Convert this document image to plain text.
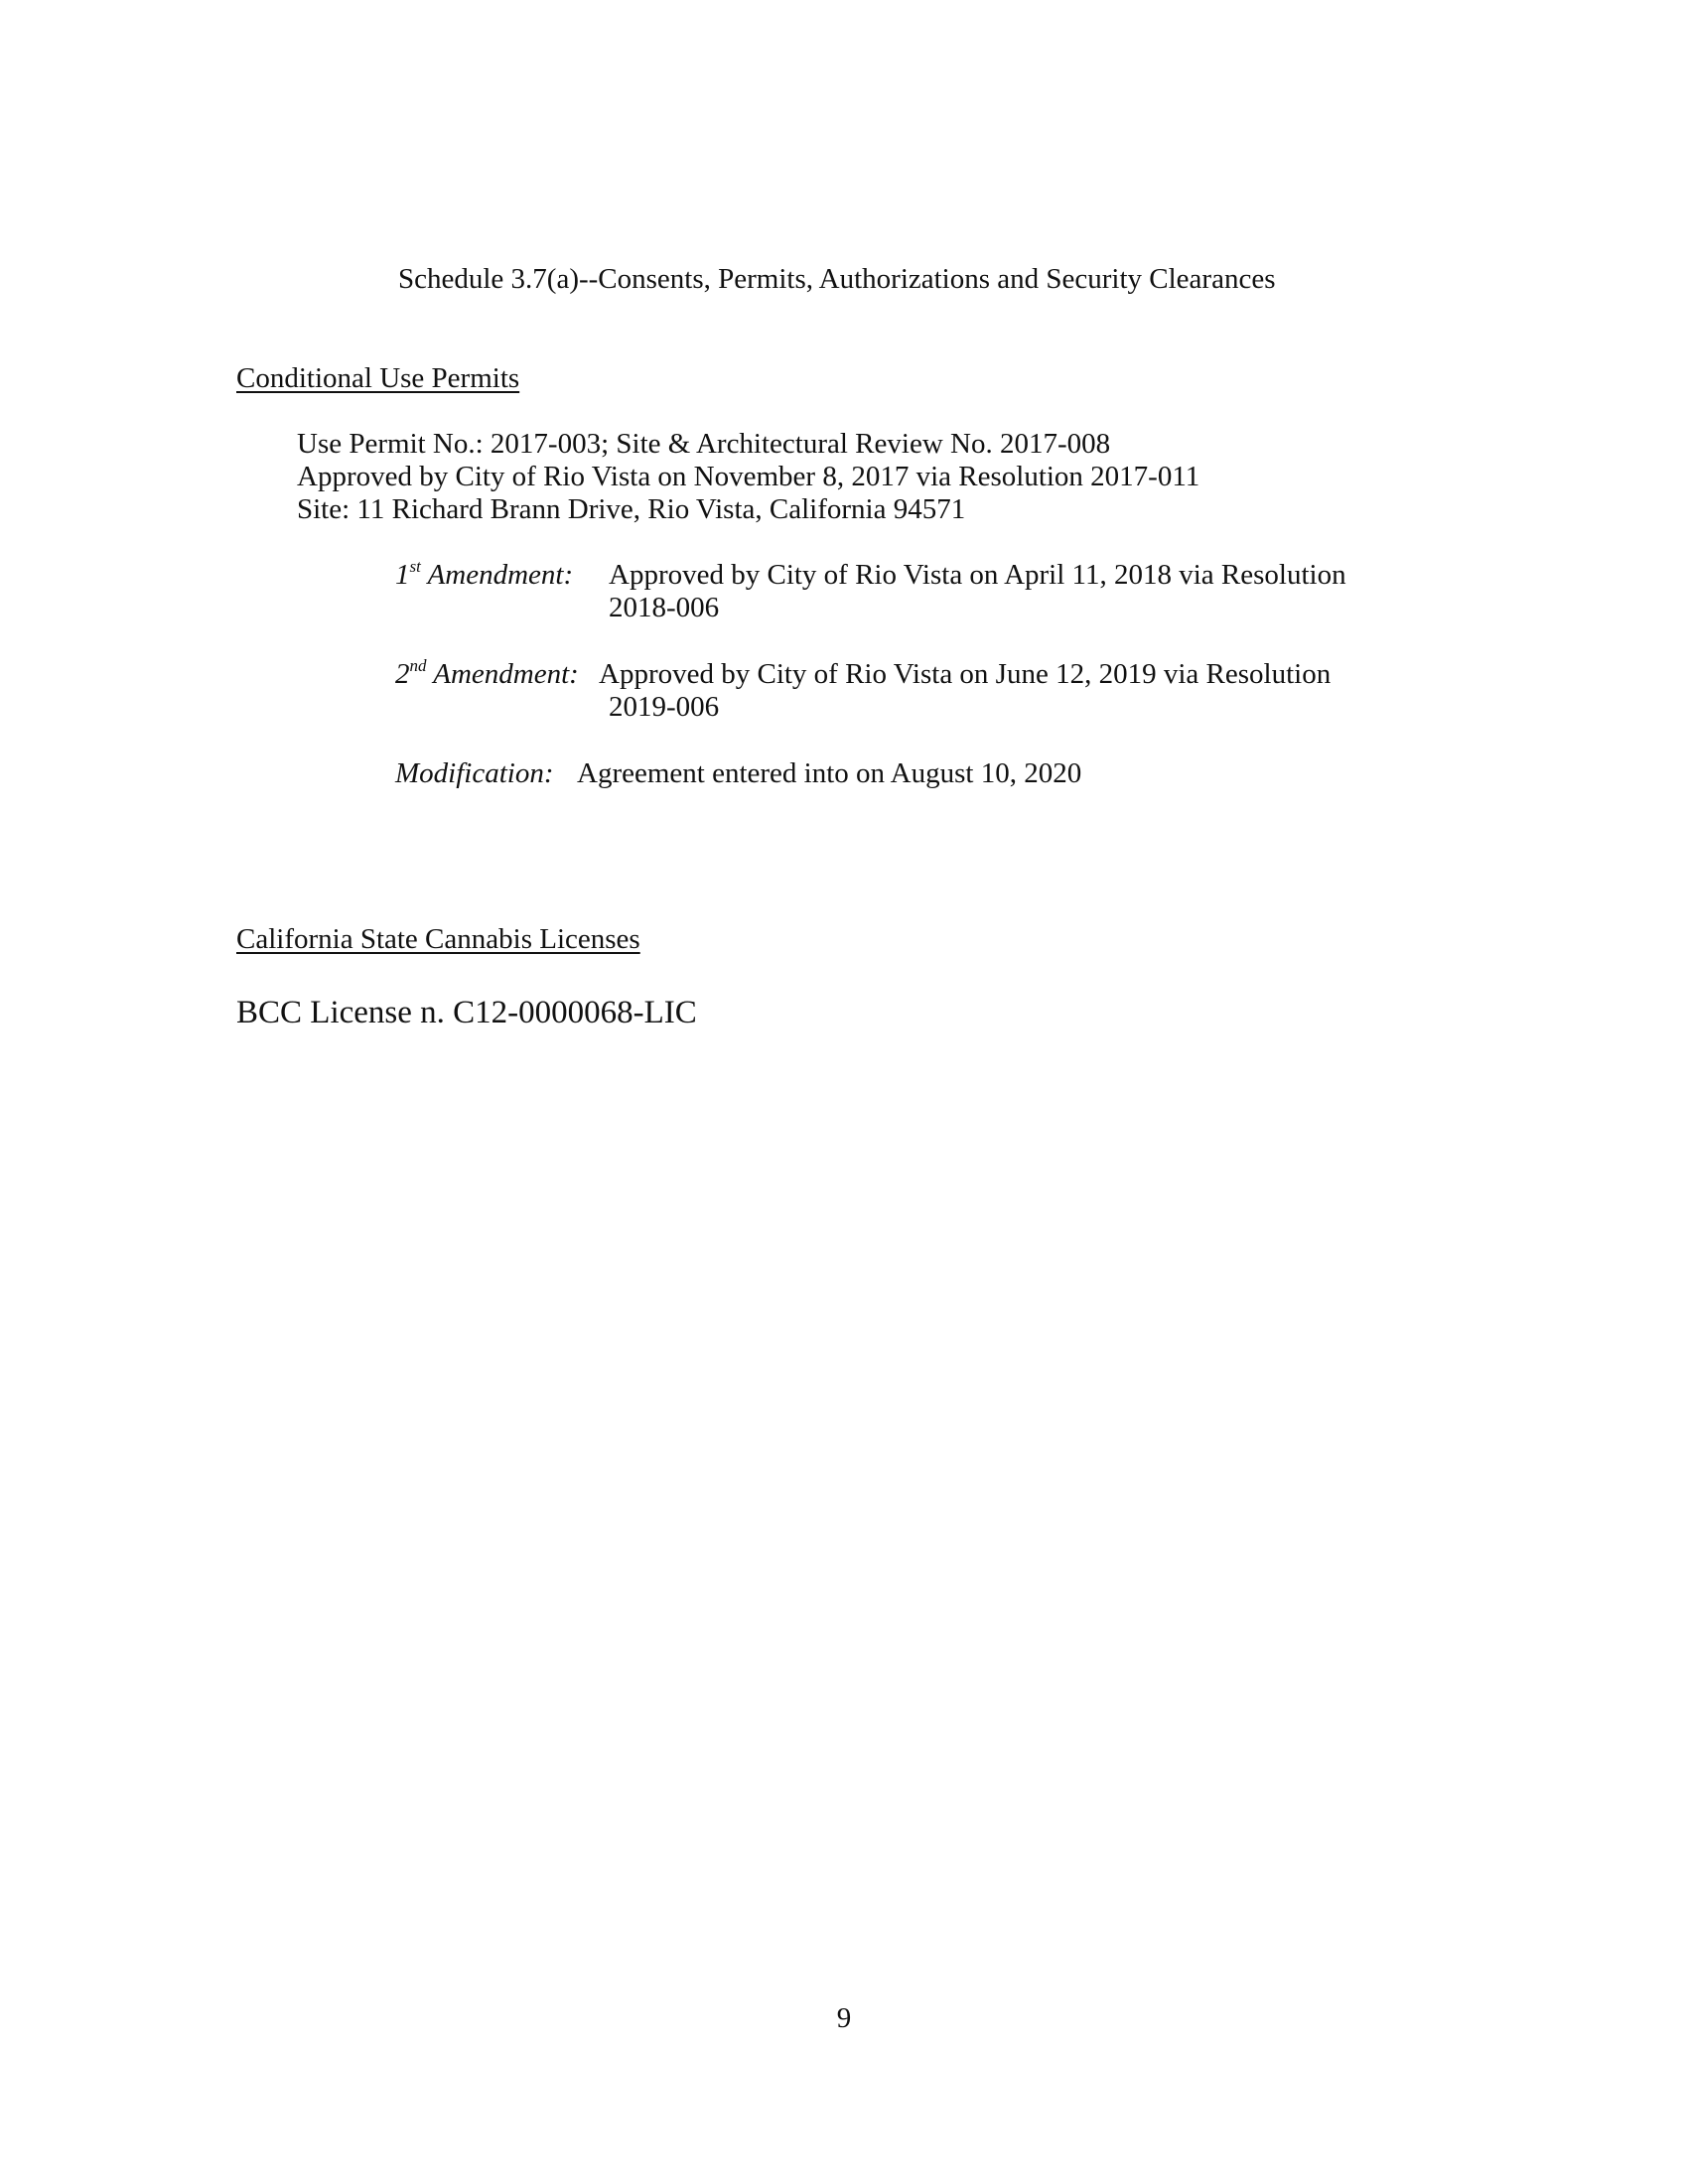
Schedule 3.7(a)--Consents, Permits, Authorizations and Security Clearances
Conditional Use Permits
Use Permit No.: 2017-003; Site & Architectural Review No. 2017-008
Approved by City of Rio Vista on November 8, 2017 via Resolution 2017-011
Site: 11 Richard Brann Drive, Rio Vista, California 94571
1st Amendment: Approved by City of Rio Vista on April 11, 2018 via Resolution
2018-006
2nd Amendment: Approved by City of Rio Vista on June 12, 2019 via Resolution
2019-006
Modification: Agreement entered into on August 10, 2020
California State Cannabis Licenses
BCC License n. C12-0000068-LIC
9
